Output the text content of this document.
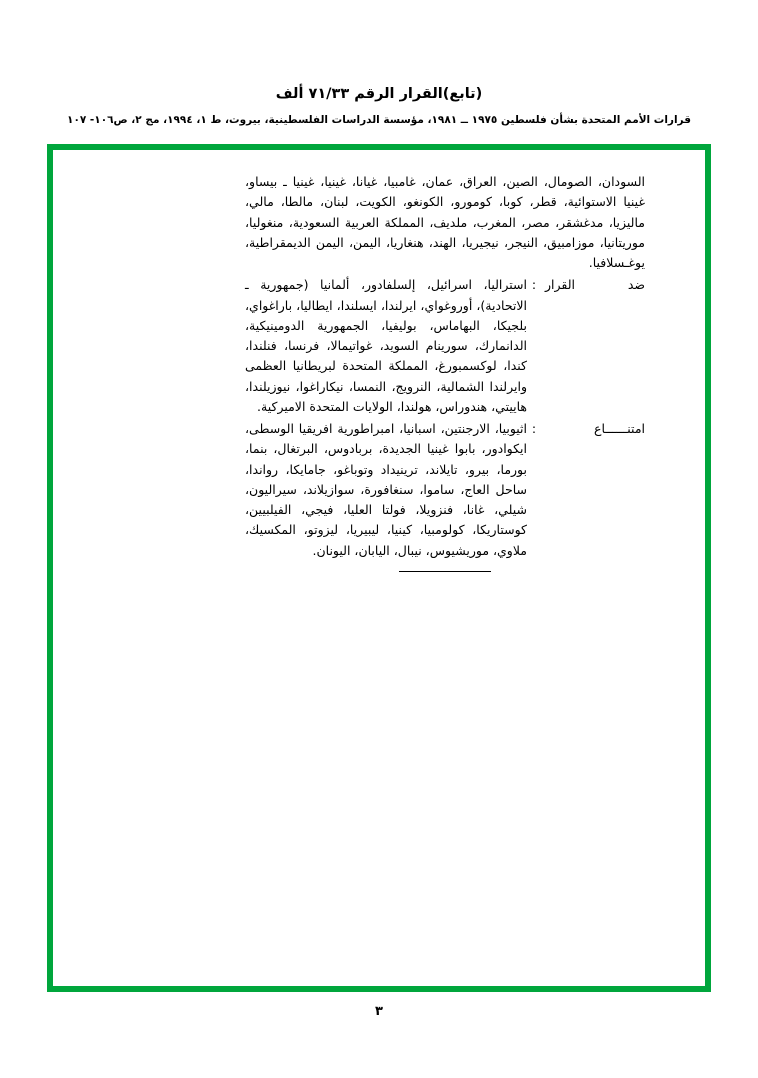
(تابع)القرار الرقم ٧١/٣٣ ألف
قرارات الأمم المتحدة بشأن فلسطين ١٩٧٥ ــ ١٩٨١، مؤسسة الدراسات الفلسطينية، بيروت، ط ١، ١٩٩٤، مج ٢، ص١٠٦- ١٠٧
السودان، الصومال، الصين، العراق، عمان، غامبيا، غيانا، غينيا، غينيا ـ بيساو، غينيا الاستوائية، قطر، كوبا، كومورو، الكونغو، الكويت، لبنان، مالطا، مالي، ماليزيا، مدغشقر، مصر، المغرب، ملديف، المملكة العربية السعودية، منغوليا، موريتانيا، موزامبيق، النيجر، نيجيريا، الهند، هنغاريا، اليمن، اليمن الديمقراطية، يوغـسلافيا.
ضد القرار
:
استراليا، اسرائيل، إلسلفادور، ألمانيا (جمهورية ـ الاتحادية)، أوروغواي، ايرلندا، ايسلندا، ايطاليا، باراغواي، بلجيكا، البهاماس، بوليفيا، الجمهورية الدومينيكية، الدانمارك، سورينام السويد، غواتيمالا، فرنسا، فنلندا، كندا، لوكسمبورغ، المملكة المتحدة لبريطانيا العظمى وايرلندا الشمالية، النرويج، النمسا، نيكاراغوا، نيوزيلندا، هاييتي، هندوراس، هولندا، الولايات المتحدة الاميركية.
امتنــــــاع
:
اثيوبيا، الارجنتين، اسبانيا، امبراطورية افريقيا الوسطى، ايكوادور، بابوا غينيا الجديدة، بربادوس، البرتغال، بنما، بورما، بيرو، تايلاند، ترينيداد وتوباغو، جامايكا، رواندا، ساحل العاج، ساموا، سنغافورة، سوازيلاند، سيراليون، شيلي، غانا، فنزويلا، فولتا العليا، فيجي، الفيلبيين، كوستاريكا، كولومبيا، كينيا، ليبيريا، ليزوتو، المكسيك، ملاوي، موريشيوس، نيبال، اليابان، اليونان.
٣
